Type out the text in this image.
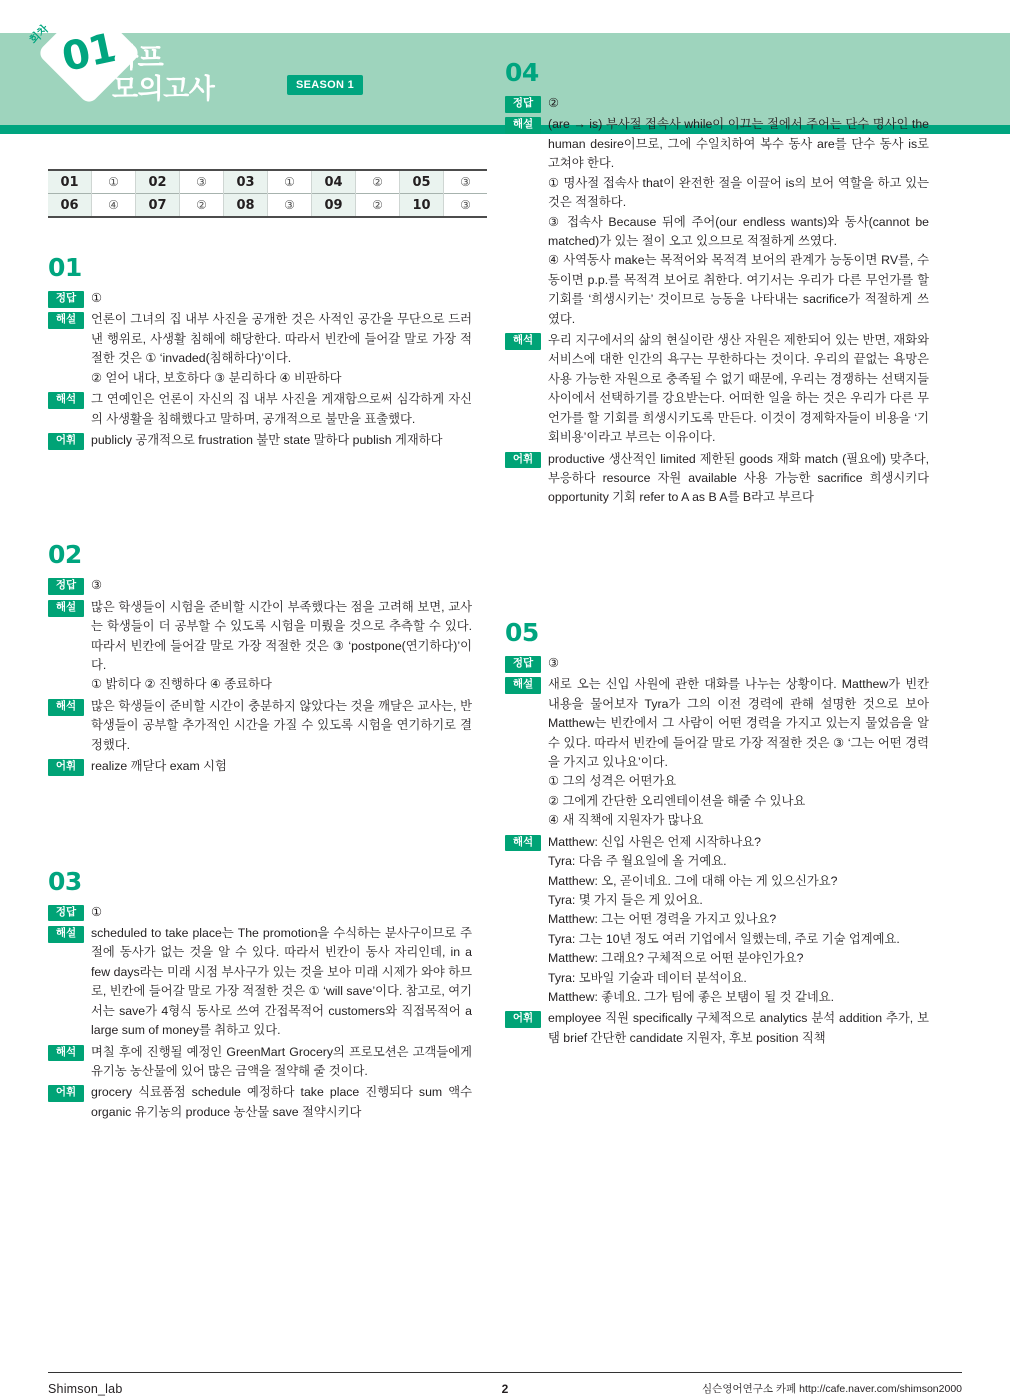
01
회차
하프
모의고사	SEASON 1
01	①	02	③	03	①	04	②	05	③
06	④	07	②	08	③	09	②	10	③
01
정답	①
해설	언론이 그녀의 집 내부 사진을 공개한 것은 사적인 공간을 무단으로 드러낸 행위로, 사생활 침해에 해당한다. 따라서 빈칸에 들어갈 말로 가장 적절한 것은 ① ‘invaded(침해하다)’이다.
② 얻어 내다, 보호하다 ③ 분리하다 ④ 비판하다
해석	그 연예인은 언론이 자신의 집 내부 사진을 게재함으로써 심각하게 자신의 사생활을 침해했다고 말하며, 공개적으로 불만을 표출했다.
어휘	publicly 공개적으로 frustration 불만 state 말하다 publish 게재하다
02
정답	③
해설	많은 학생들이 시험을 준비할 시간이 부족했다는 점을 고려해 보면, 교사는 학생들이 더 공부할 수 있도록 시험을 미뤘을 것으로 추측할 수 있다. 따라서 빈칸에 들어갈 말로 가장 적절한 것은 ③ ‘postpone(연기하다)’이다.
① 밝히다 ② 진행하다 ④ 종료하다
해석	많은 학생들이 준비할 시간이 충분하지 않았다는 것을 깨달은 교사는, 반 학생들이 공부할 추가적인 시간을 가질 수 있도록 시험을 연기하기로 결정했다.
어휘	realize 깨닫다 exam 시험
03
정답	①
해설	scheduled to take place는 The promotion을 수식하는 분사구이므로 주절에 동사가 없는 것을 알 수 있다. 따라서 빈칸이 동사 자리인데, in a few days라는 미래 시점 부사구가 있는 것을 보아 미래 시제가 와야 하므로, 빈칸에 들어갈 말로 가장 적절한 것은 ① ‘will save’이다. 참고로, 여기서는 save가 4형식 동사로 쓰여 간접목적어 customers와 직접목적어 a large sum of money를 취하고 있다.
해석	며칠 후에 진행될 예정인 GreenMart Grocery의 프로모션은 고객들에게 유기농 농산물에 있어 많은 금액을 절약해 줄 것이다.
어휘	grocery 식료품점 schedule 예정하다 take place 진행되다 sum 액수 organic 유기농의 produce 농산물 save 절약시키다
04
정답	②
해설	(are → is) 부사절 접속사 while이 이끄는 절에서 주어는 단수 명사인 the human desire이므로, 그에 수일치하여 복수 동사 are를 단수 동사 is로 고쳐야 한다.
① 명사절 접속사 that이 완전한 절을 이끌어 is의 보어 역할을 하고 있는 것은 적절하다.
③ 접속사 Because 뒤에 주어(our endless wants)와 동사(cannot be matched)가 있는 절이 오고 있으므로 적절하게 쓰였다.
④ 사역동사 make는 목적어와 목적격 보어의 관계가 능동이면 RV를, 수동이면 p.p.를 목적격 보어로 취한다. 여기서는 우리가 다른 무언가를 할 기회를 ‘희생시키는’ 것이므로 능동을 나타내는 sacrifice가 적절하게 쓰였다.
해석	우리 지구에서의 삶의 현실이란 생산 자원은 제한되어 있는 반면, 재화와 서비스에 대한 인간의 욕구는 무한하다는 것이다. 우리의 끝없는 욕망은 사용 가능한 자원으로 충족될 수 없기 때문에, 우리는 경쟁하는 선택지들 사이에서 선택하기를 강요받는다. 어떠한 일을 하는 것은 우리가 다른 무언가를 할 기회를 희생시키도록 만든다. 이것이 경제학자들이 비용을 ‘기회비용’이라고 부르는 이유이다.
어휘	productive 생산적인 limited 제한된 goods 재화 match (필요에) 맞추다, 부응하다 resource 자원 available 사용 가능한 sacrifice 희생시키다 opportunity 기회 refer to A as B A를 B라고 부르다
05
정답	③
해설	새로 오는 신입 사원에 관한 대화를 나누는 상황이다. Matthew가 빈칸 내용을 물어보자 Tyra가 그의 이전 경력에 관해 설명한 것으로 보아 Matthew는 빈칸에서 그 사람이 어떤 경력을 가지고 있는지 물었음을 알 수 있다. 따라서 빈칸에 들어갈 말로 가장 적절한 것은 ③ ‘그는 어떤 경력을 가지고 있나요’이다.
① 그의 성격은 어떤가요
② 그에게 간단한 오리엔테이션을 해줄 수 있나요
④ 새 직책에 지원자가 많나요
해석	Matthew: 신입 사원은 언제 시작하나요?
Tyra: 다음 주 월요일에 올 거예요.
Matthew: 오, 곧이네요. 그에 대해 아는 게 있으신가요?
Tyra: 몇 가지 들은 게 있어요.
Matthew: 그는 어떤 경력을 가지고 있나요?
Tyra: 그는 10년 정도 여러 기업에서 일했는데, 주로 기술 업계예요.
Matthew: 그래요? 구체적으로 어떤 분야인가요?
Tyra: 모바일 기술과 데이터 분석이요.
Matthew: 좋네요. 그가 팀에 좋은 보탬이 될 것 같네요.
어휘	employee 직원 specifically 구체적으로 analytics 분석 addition 추가, 보탬 brief 간단한 candidate 지원자, 후보 position 직책
Shimson_lab	2	심슨영어연구소 카페 http://cafe.naver.com/shimson2000
